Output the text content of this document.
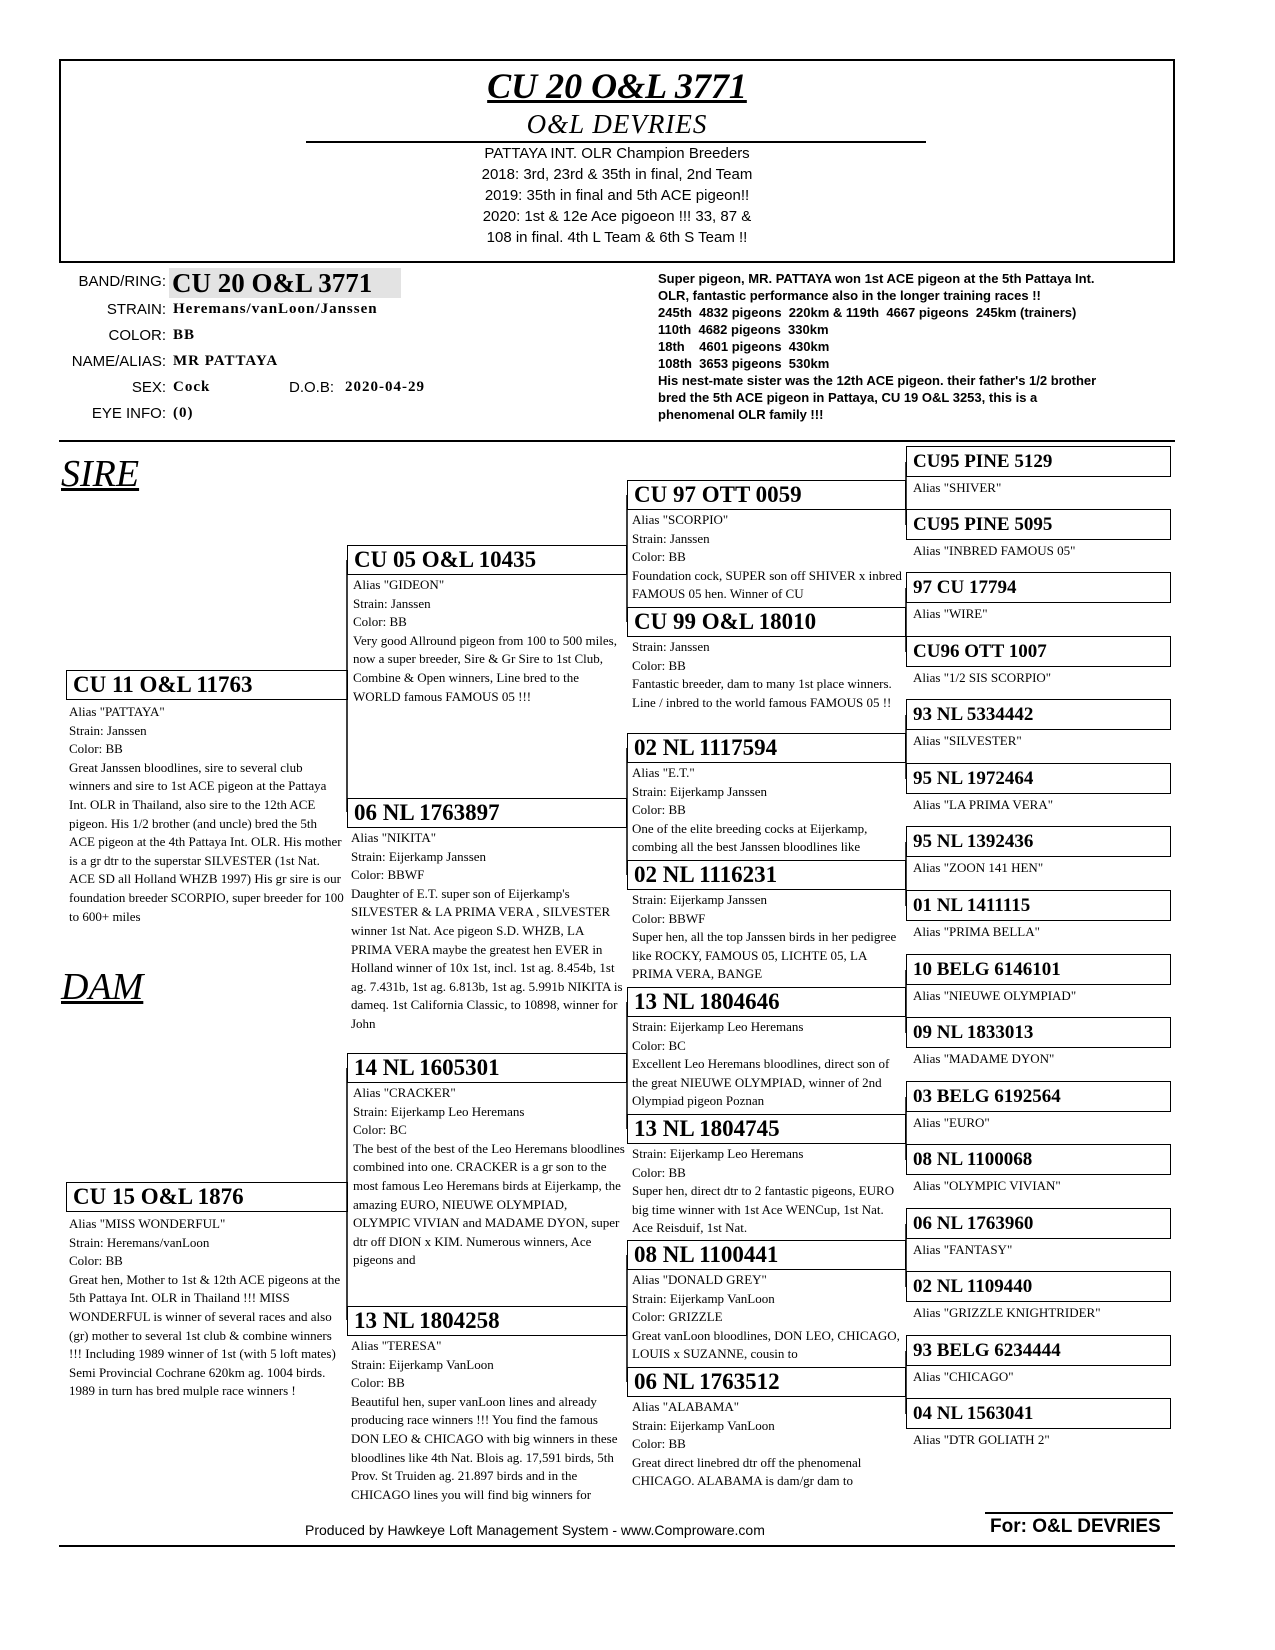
CU 20 O&L 3771
O&L DEVRIES
PATTAYA INT. OLR Champion Breeders
2018: 3rd, 23rd & 35th in final, 2nd Team
2019: 35th in final and 5th ACE pigeon!!
2020: 1st & 12e Ace pigoeon !!! 33, 87 &
108 in final. 4th L Team & 6th S Team !!
BAND/RING: CU 20 O&L 3771
STRAIN: Heremans/vanLoon/Janssen
COLOR: BB
NAME/ALIAS: MR PATTAYA
SEX: Cock	D.O.B: 2020-04-29
EYE INFO: (0)
Super pigeon, MR. PATTAYA won 1st ACE pigeon at the 5th Pattaya Int.
OLR, fantastic performance also in the longer training races !!
245th  4832 pigeons  220km & 119th  4667 pigeons  245km (trainers)
110th  4682 pigeons  330km
18th    4601 pigeons  430km
108th  3653 pigeons  530km
His nest-mate sister was the 12th ACE pigeon. their father's 1/2 brother
bred the 5th ACE pigeon in Pattaya, CU 19 O&L 3253, this is a
phenomenal OLR family !!!
SIRE
DAM
CU 11 O&L 11763
Alias "PATTAYA"
Strain: Janssen
Color: BB
Great Janssen bloodlines, sire to several club winners and sire to 1st ACE pigeon at the Pattaya Int. OLR in Thailand, also sire to the 12th ACE pigeon. His 1/2 brother (and uncle) bred the 5th ACE pigeon at the 4th Pattaya Int. OLR. His mother is a gr dtr to the superstar SILVESTER (1st Nat. ACE SD all Holland WHZB 1997) His gr sire is our foundation breeder SCORPIO, super breeder for 100 to 600+ miles
CU 15 O&L 1876
Alias "MISS WONDERFUL"
Strain: Heremans/vanLoon
Color: BB
Great hen, Mother to 1st & 12th ACE pigeons at the 5th Pattaya Int. OLR in Thailand !!! MISS WONDERFUL is winner of several races and also (gr) mother to several 1st club & combine winners !!! Including 1989 winner of 1st (with 5 loft mates) Semi Provincial Cochrane 620km ag. 1004 birds. 1989 in turn has bred mulple race winners !
CU 05 O&L 10435
Alias "GIDEON"
Strain: Janssen
Color: BB
Very good Allround pigeon from 100 to 500 miles, now a super breeder, Sire & Gr Sire to 1st Club, Combine & Open winners, Line bred to the WORLD famous FAMOUS 05 !!!
06 NL 1763897
Alias "NIKITA"
Strain: Eijerkamp Janssen
Color: BBWF
Daughter of E.T. super son of Eijerkamp's SILVESTER & LA PRIMA VERA , SILVESTER winner 1st Nat. Ace pigeon S.D. WHZB, LA PRIMA VERA maybe the greatest hen EVER in Holland winner of 10x 1st, incl. 1st ag. 8.454b, 1st ag. 7.431b, 1st ag. 6.813b, 1st ag. 5.991b NIKITA is dameq. 1st California Classic, to 10898, winner for John
14 NL 1605301
Alias "CRACKER"
Strain: Eijerkamp Leo Heremans
Color: BC
The best of the best of the Leo Heremans bloodlines combined into one. CRACKER is a gr son to the most famous Leo Heremans birds at Eijerkamp, the amazing EURO, NIEUWE OLYMPIAD, OLYMPIC VIVIAN and MADAME DYON, super dtr off DION x KIM. Numerous winners, Ace pigeons and
13 NL 1804258
Alias "TERESA"
Strain: Eijerkamp VanLoon
Color: BB
Beautiful hen, super vanLoon lines and already producing race winners !!! You find the famous DON LEO & CHICAGO with big winners in these bloodlines like 4th Nat. Blois ag. 17,591 birds, 5th Prov. St Truiden ag. 21.897 birds and in the CHICAGO lines you will find big winners for
CU 97 OTT 0059
Alias "SCORPIO"
Strain: Janssen
Color: BB
Foundation cock, SUPER son off SHIVER x inbred FAMOUS 05 hen. Winner of CU
CU 99 O&L 18010
Strain: Janssen
Color: BB
Fantastic breeder, dam to many 1st place winners. Line / inbred to the world famous FAMOUS 05 !!
02 NL 1117594
Alias "E.T."
Strain: Eijerkamp Janssen
Color: BB
One of the elite breeding cocks at Eijerkamp, combing all the best Janssen bloodlines like
02 NL 1116231
Strain: Eijerkamp Janssen
Color: BBWF
Super hen, all the top Janssen birds in her pedigree like ROCKY, FAMOUS 05, LICHTE 05, LA PRIMA VERA, BANGE
13 NL 1804646
Strain: Eijerkamp Leo Heremans
Color: BC
Excellent Leo Heremans bloodlines, direct son of the great NIEUWE OLYMPIAD, winner of 2nd Olympiad pigeon Poznan
13 NL 1804745
Strain: Eijerkamp Leo Heremans
Color: BB
Super hen, direct dtr to 2 fantastic pigeons, EURO big time winner with 1st Ace WENCup, 1st Nat. Ace Reisduif, 1st Nat.
08 NL 1100441
Alias "DONALD GREY"
Strain: Eijerkamp VanLoon
Color: GRIZZLE
Great vanLoon bloodlines, DON LEO, CHICAGO, LOUIS x SUZANNE, cousin to
06 NL 1763512
Alias "ALABAMA"
Strain: Eijerkamp VanLoon
Color: BB
Great direct linebred dtr off the phenomenal CHICAGO. ALABAMA is dam/gr dam to
CU95 PINE 5129
Alias "SHIVER"
CU95 PINE 5095
Alias "INBRED FAMOUS 05"
97 CU 17794
Alias "WIRE"
CU96 OTT 1007
Alias "1/2 SIS SCORPIO"
93 NL 5334442
Alias "SILVESTER"
95 NL 1972464
Alias "LA PRIMA VERA"
95 NL 1392436
Alias "ZOON 141 HEN"
01 NL 1411115
Alias "PRIMA BELLA"
10 BELG 6146101
Alias "NIEUWE OLYMPIAD"
09 NL 1833013
Alias "MADAME DYON"
03 BELG 6192564
Alias "EURO"
08 NL 1100068
Alias "OLYMPIC VIVIAN"
06 NL 1763960
Alias "FANTASY"
02 NL 1109440
Alias "GRIZZLE KNIGHTRIDER"
93 BELG 6234444
Alias "CHICAGO"
04 NL 1563041
Alias "DTR GOLIATH 2"
Produced by Hawkeye Loft Management System - www.Comproware.com	For: O&L DEVRIES
